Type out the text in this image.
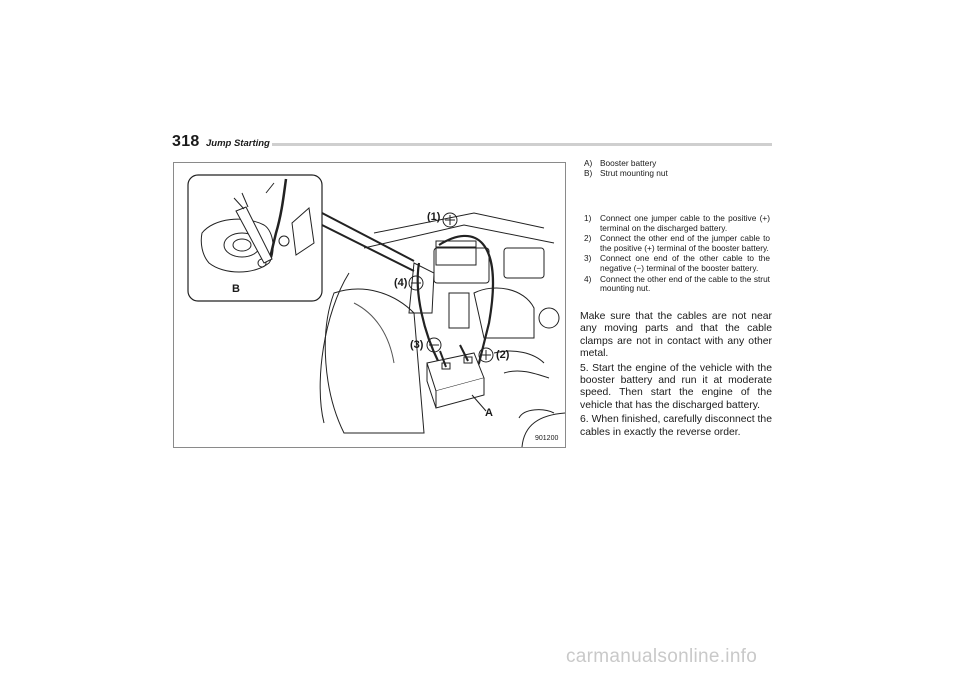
318 Jump Starting
B
A
(1)
(2)
(3)
(4)
901200
A) Booster battery
B) Strut mounting nut
1) Connect one jumper cable to the positive (+) terminal on the discharged battery.
2) Connect the other end of the jumper cable to the positive (+) terminal of the booster battery.
3) Connect one end of the other cable to the negative (−) terminal of the booster battery.
4) Connect the other end of the cable to the strut mounting nut.

Make sure that the cables are not near any moving parts and that the cable clamps are not in contact with any other metal.

5. Start the engine of the vehicle with the booster battery and run it at moderate speed. Then start the engine of the vehicle that has the discharged battery.

6. When finished, carefully disconnect the cables in exactly the reverse order.

carmanualsonline.info
